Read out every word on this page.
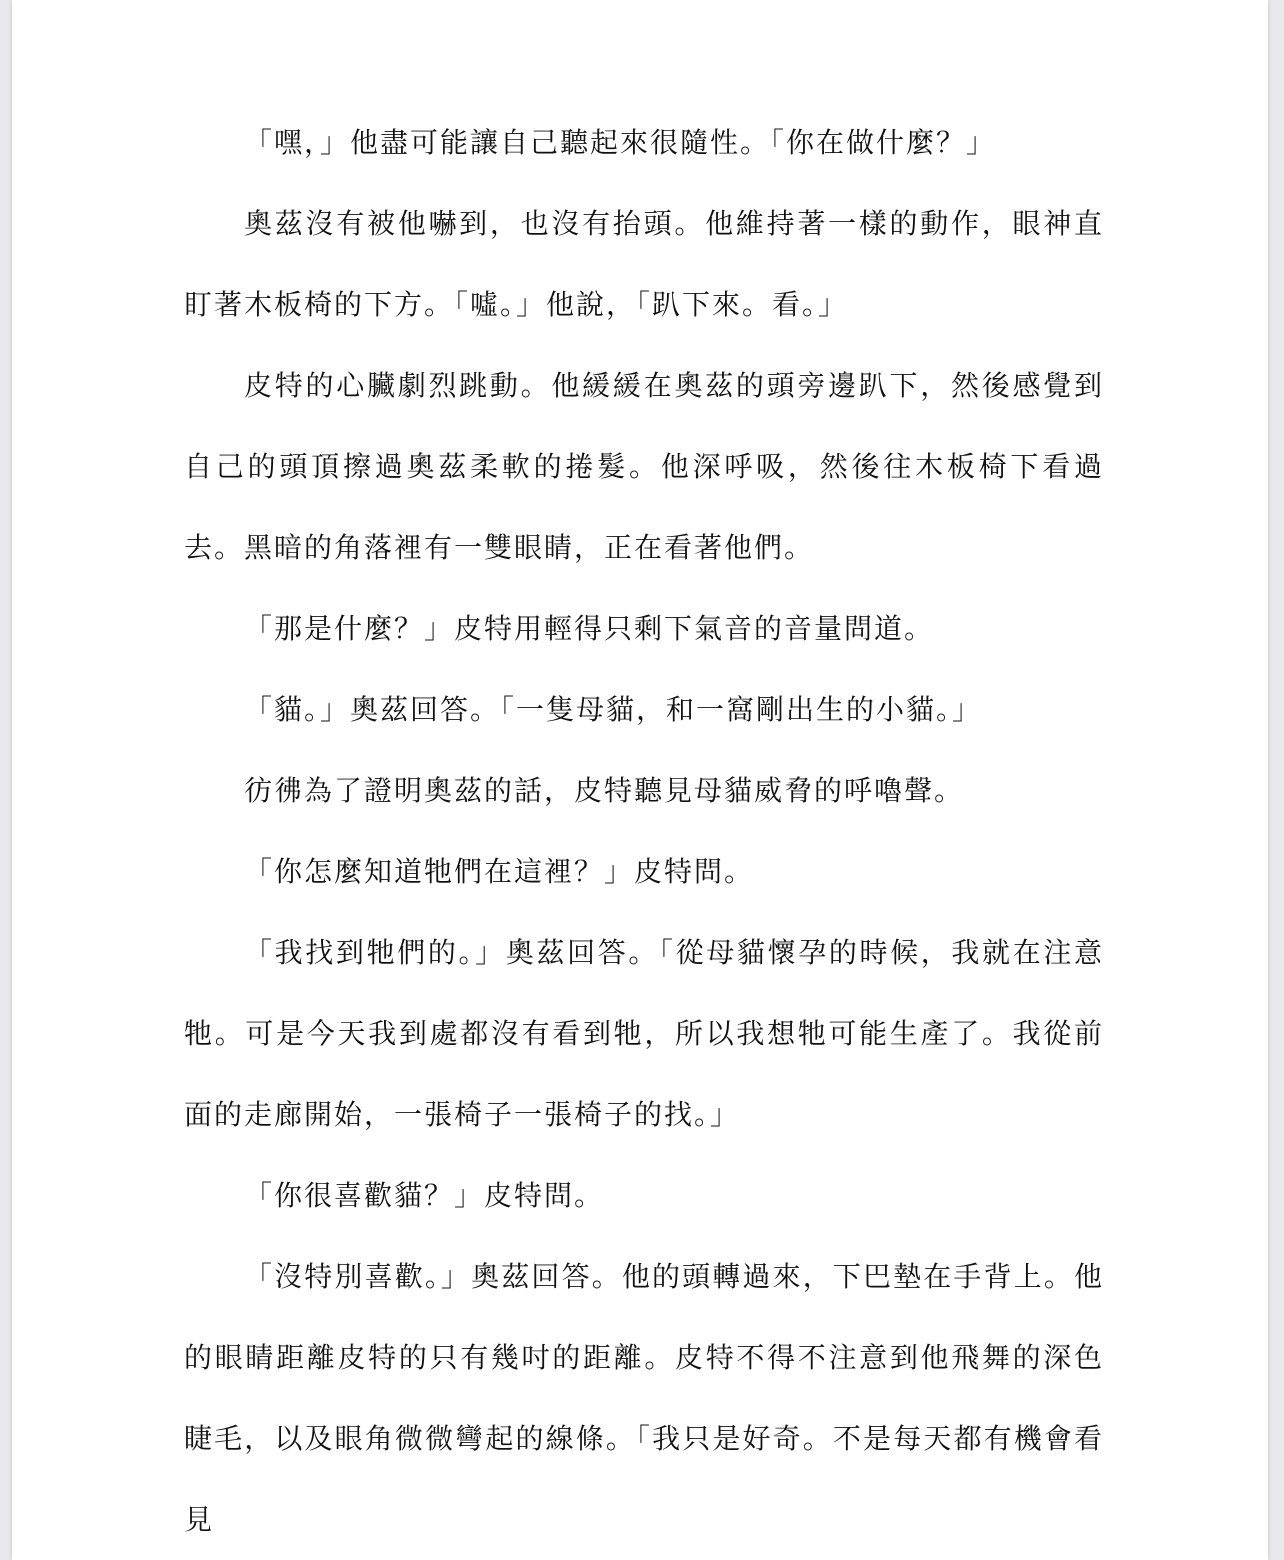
「嘿，」他盡可能讓自己聽起來很隨性。「你在做什麼？」

奧茲沒有被他嚇到，也沒有抬頭。他維持著一樣的動作，眼神直盯著木板椅的下方。「噓。」他說，「趴下來。看。」

皮特的心臟劇烈跳動。他緩緩在奧茲的頭旁邊趴下，然後感覺到自己的頭頂擦過奧茲柔軟的捲髮。他深呼吸，然後往木板椅下看過去。黑暗的角落裡有一雙眼睛，正在看著他們。

「那是什麼？」皮特用輕得只剩下氣音的音量問道。

「貓。」奧茲回答。「一隻母貓，和一窩剛出生的小貓。」

彷彿為了證明奧茲的話，皮特聽見母貓威脅的呼嚕聲。

「你怎麼知道牠們在這裡？」皮特問。

「我找到牠們的。」奧茲回答。「從母貓懷孕的時候，我就在注意牠。可是今天我到處都沒有看到牠，所以我想牠可能生產了。我從前面的走廊開始，一張椅子一張椅子的找。」

「你很喜歡貓？」皮特問。

「沒特別喜歡。」奧茲回答。他的頭轉過來，下巴墊在手背上。他的眼睛距離皮特的只有幾吋的距離。皮特不得不注意到他飛舞的深色睫毛，以及眼角微微彎起的線條。「我只是好奇。不是每天都有機會看見
